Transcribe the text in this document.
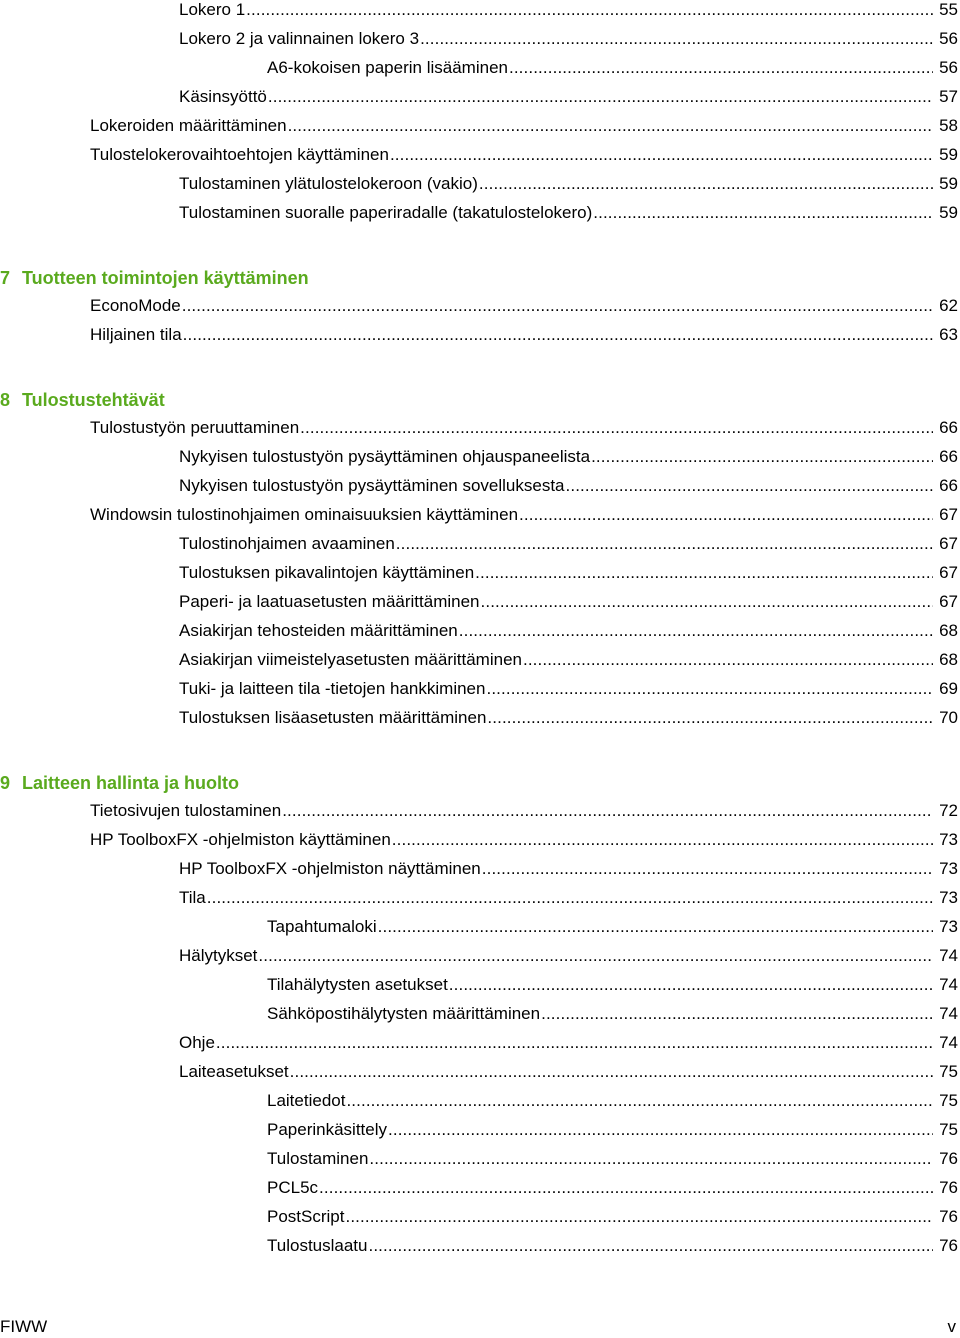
Lokero 1 . . .	55
Lokero 2 ja valinnainen lokero 3 . . .	56
A6-kokoisen paperin lisääminen . . .	56
Käsinsyöttö . . .	57
Lokeroiden määrittäminen . . .	58
Tulostelokerovaihtoehtojen käyttäminen . . .	59
Tulostaminen ylätulostelokeroon (vakio) . . .	59
Tulostaminen suoralle paperiradalle (takatulostelokero) . . .	59
7 Tuotteen toimintojen käyttäminen
EconoMode . . .	62
Hiljainen tila . . .	63
8 Tulostustehtävät
Tulostustyön peruuttaminen . . .	66
Nykyisen tulostustyön pysäyttäminen ohjauspaneelista . . .	66
Nykyisen tulostustyön pysäyttäminen sovelluksesta . . .	66
Windowsin tulostinohjaimen ominaisuuksien käyttäminen . . .	67
Tulostinohjaimen avaaminen . . .	67
Tulostuksen pikavalintojen käyttäminen . . .	67
Paperi- ja laatuasetusten määrittäminen . . .	67
Asiakirjan tehosteiden määrittäminen . . .	68
Asiakirjan viimeistelyasetusten määrittäminen . . .	68
Tuki- ja laitteen tila -tietojen hankkiminen . . .	69
Tulostuksen lisäasetusten määrittäminen . . .	70
9 Laitteen hallinta ja huolto
Tietosivujen tulostaminen . . .	72
HP ToolboxFX -ohjelmiston käyttäminen . . .	73
HP ToolboxFX -ohjelmiston näyttäminen . . .	73
Tila . . .	73
Tapahtumaloki . . .	73
Hälytykset . . .	74
Tilahälytysten asetukset . . .	74
Sähköpostihälytysten määrittäminen . . .	74
Ohje . . .	74
Laiteasetukset . . .	75
Laitetiedot . . .	75
Paperinkäsittely . . .	75
Tulostaminen . . .	76
PCL5c . . .	76
PostScript . . .	76
Tulostuslaatu . . .	76
FIWW	v
